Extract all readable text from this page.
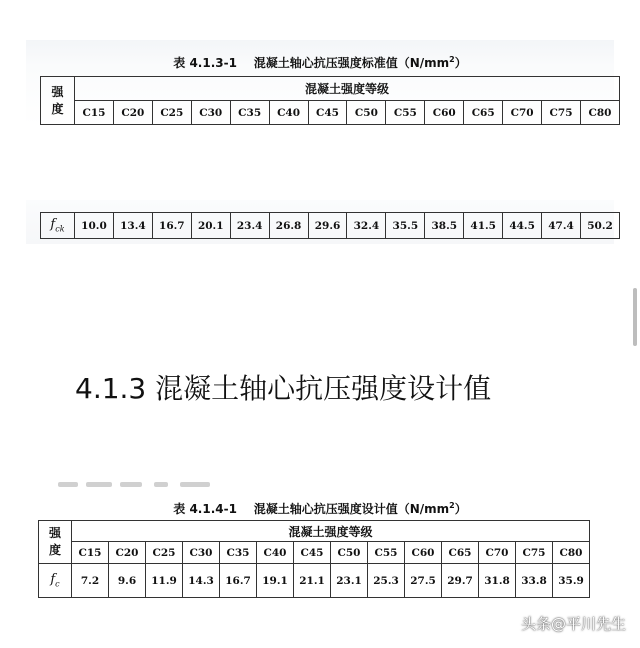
表 4.1.3-1 混凝土轴心抗压强度标准值$(N/mm^2)$
强
度	混凝土强度等级													
	C15	C20	C25	C30	C35	C40	C45	C50	C55	C60	C65	C70	C75	C80
$f_{ck}$	10.0	13.4	16.7	20.1	23.4	26.8	29.6	32.4	35.5	38.5	41.5	44.5	47.4	50.2
4.1.3 混凝土轴心抗压强度设计值
表 4.1.4-1 混凝土轴心抗压强度设计值$(N/mm^2)$
强
度	混凝土强度等级													
	C15	C20	C25	C30	C35	C40	C45	C50	C55	C60	C65	C70	C75	C80
$f_c$	7.2	9.6	11.9	14.3	16.7	19.1	21.1	23.1	25.3	27.5	29.7	31.8	33.8	35.9
头条@平川先生
